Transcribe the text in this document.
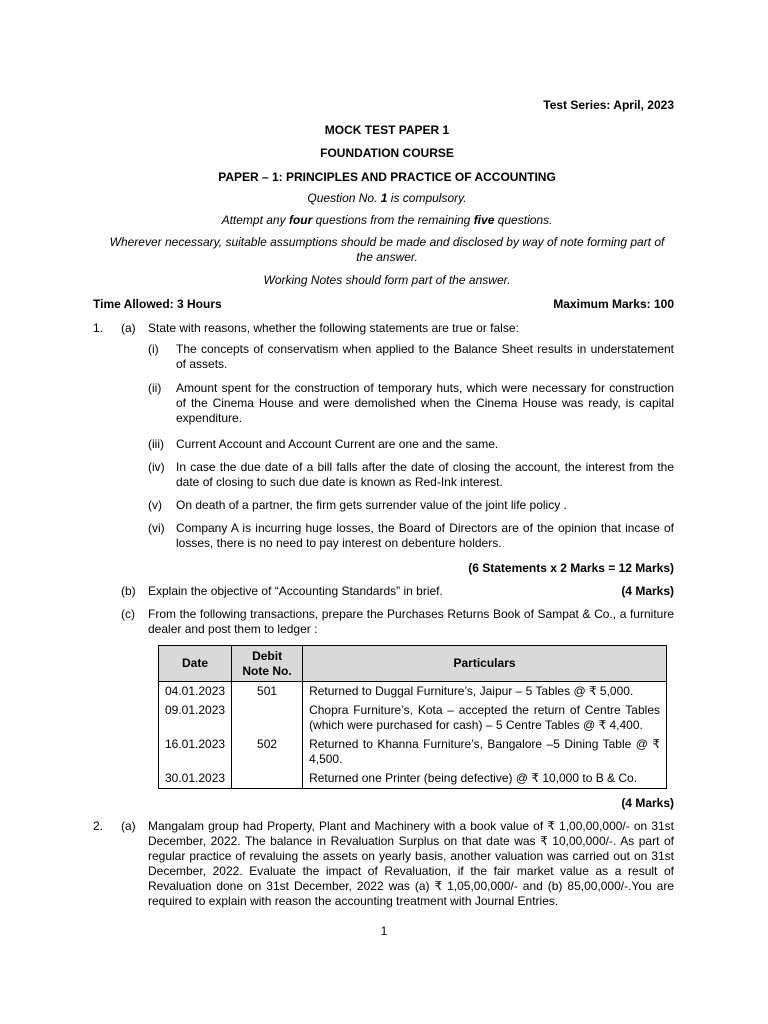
Test Series: April, 2023
MOCK TEST PAPER 1
FOUNDATION COURSE
PAPER – 1: PRINCIPLES AND PRACTICE OF ACCOUNTING
Question No. 1 is compulsory.
Attempt any four questions from the remaining five questions.
Wherever necessary, suitable assumptions should be made and disclosed by way of note forming part of the answer.
Working Notes should form part of the answer.
Time Allowed: 3 Hours	Maximum Marks: 100
1. (a) State with reasons, whether the following statements are true or false:
(i) The concepts of conservatism when applied to the Balance Sheet results in understatement of assets.
(ii) Amount spent for the construction of temporary huts, which were necessary for construction of the Cinema House and were demolished when the Cinema House was ready, is capital expenditure.
(iii) Current Account and Account Current are one and the same.
(iv) In case the due date of a bill falls after the date of closing the account, the interest from the date of closing to such due date is known as Red-Ink interest.
(v) On death of a partner, the firm gets surrender value of the joint life policy .
(vi) Company A is incurring huge losses, the Board of Directors are of the opinion that incase of losses, there is no need to pay interest on debenture holders.
(6 Statements x 2 Marks = 12 Marks)
(b) Explain the objective of “Accounting Standards” in brief.	(4 Marks)
(c) From the following transactions, prepare the Purchases Returns Book of Sampat & Co., a furniture dealer and post them to ledger :
Date	Debit Note No.	Particulars
04.01.2023	501	Returned to Duggal Furniture’s, Jaipur – 5 Tables @ ₹ 5,000.
09.01.2023		Chopra Furniture’s, Kota – accepted the return of Centre Tables (which were purchased for cash) – 5 Centre Tables @ ₹ 4,400.
16.01.2023	502	Returned to Khanna Furniture’s, Bangalore –5 Dining Table @ ₹ 4,500.
30.01.2023		Returned one Printer (being defective) @ ₹ 10,000 to B & Co.
(4 Marks)
2. (a) Mangalam group had Property, Plant and Machinery with a book value of ₹ 1,00,00,000/- on 31st December, 2022. The balance in Revaluation Surplus on that date was ₹ 10,00,000/-. As part of regular practice of revaluing the assets on yearly basis, another valuation was carried out on 31st December, 2022. Evaluate the impact of Revaluation, if the fair market value as a result of Revaluation done on 31st December, 2022 was (a) ₹ 1,05,00,000/- and (b) 85,00,000/-.You are required to explain with reason the accounting treatment with Journal Entries.
1
